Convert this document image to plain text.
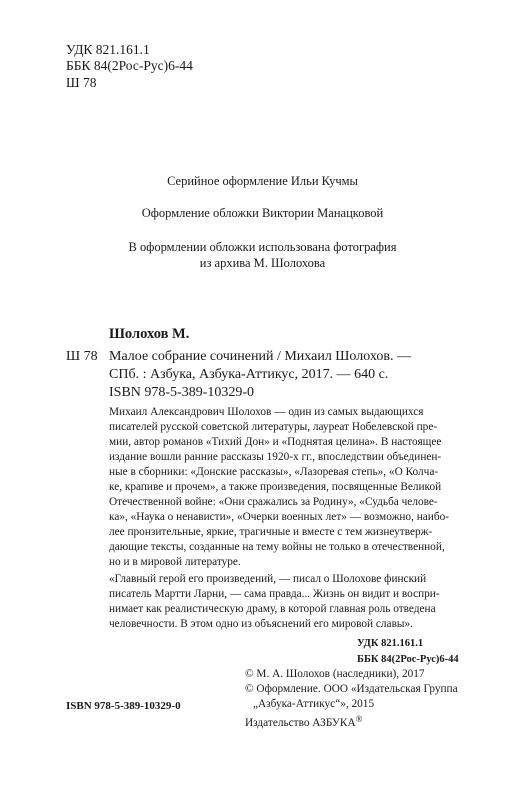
УДК 821.161.1
ББК 84(2Рос-Рус)6-44
Ш 78
Серийное оформление Ильи Кучмы
Оформление обложки Виктории Манацковой
В оформлении обложки использована фотография
из архива М. Шолохова
Шолохов М.
Ш 78 Малое собрание сочинений / Михаил Шолохов. —
СПб. : Азбука, Азбука-Аттикус, 2017. — 640 с.
ISBN 978-5-389-10329-0
Михаил Александрович Шолохов — один из самых выдающихся
писателей русской советской литературы, лауреат Нобелевской пре-
мии, автор романов «Тихий Дон» и «Поднятая целина». В настоящее
издание вошли ранние рассказы 1920-х гг., впоследствии объединен-
ные в сборники: «Донские рассказы», «Лазоревая степь», «О Колча-
ке, крапиве и прочем», а также произведения, посвященные Великой
Отечественной войне: «Они сражались за Родину», «Судьба челове-
ка», «Наука о ненависти», «Очерки военных лет» — возможно, наибо-
лее пронзительные, яркие, трагичные и вместе с тем жизнеутверж-
дающие тексты, созданные на тему войны не только в отечественной,
но и в мировой литературе.
«Главный герой его произведений, — писал о Шолохове финский
писатель Мартти Ларни, — сама правда... Жизнь он видит и воспри-
нимает как реалистическую драму, в которой главная роль отведена
человечности. В этом одно из объяснений его мировой славы».
УДК 821.161.1
ББК 84(2Рос-Рус)6-44
© М. А. Шолохов (наследники), 2017
© Оформление. ООО «Издательская Группа
„Азбука-Аттикус“», 2015
Издательство АЗБУКА®
ISBN 978-5-389-10329-0
